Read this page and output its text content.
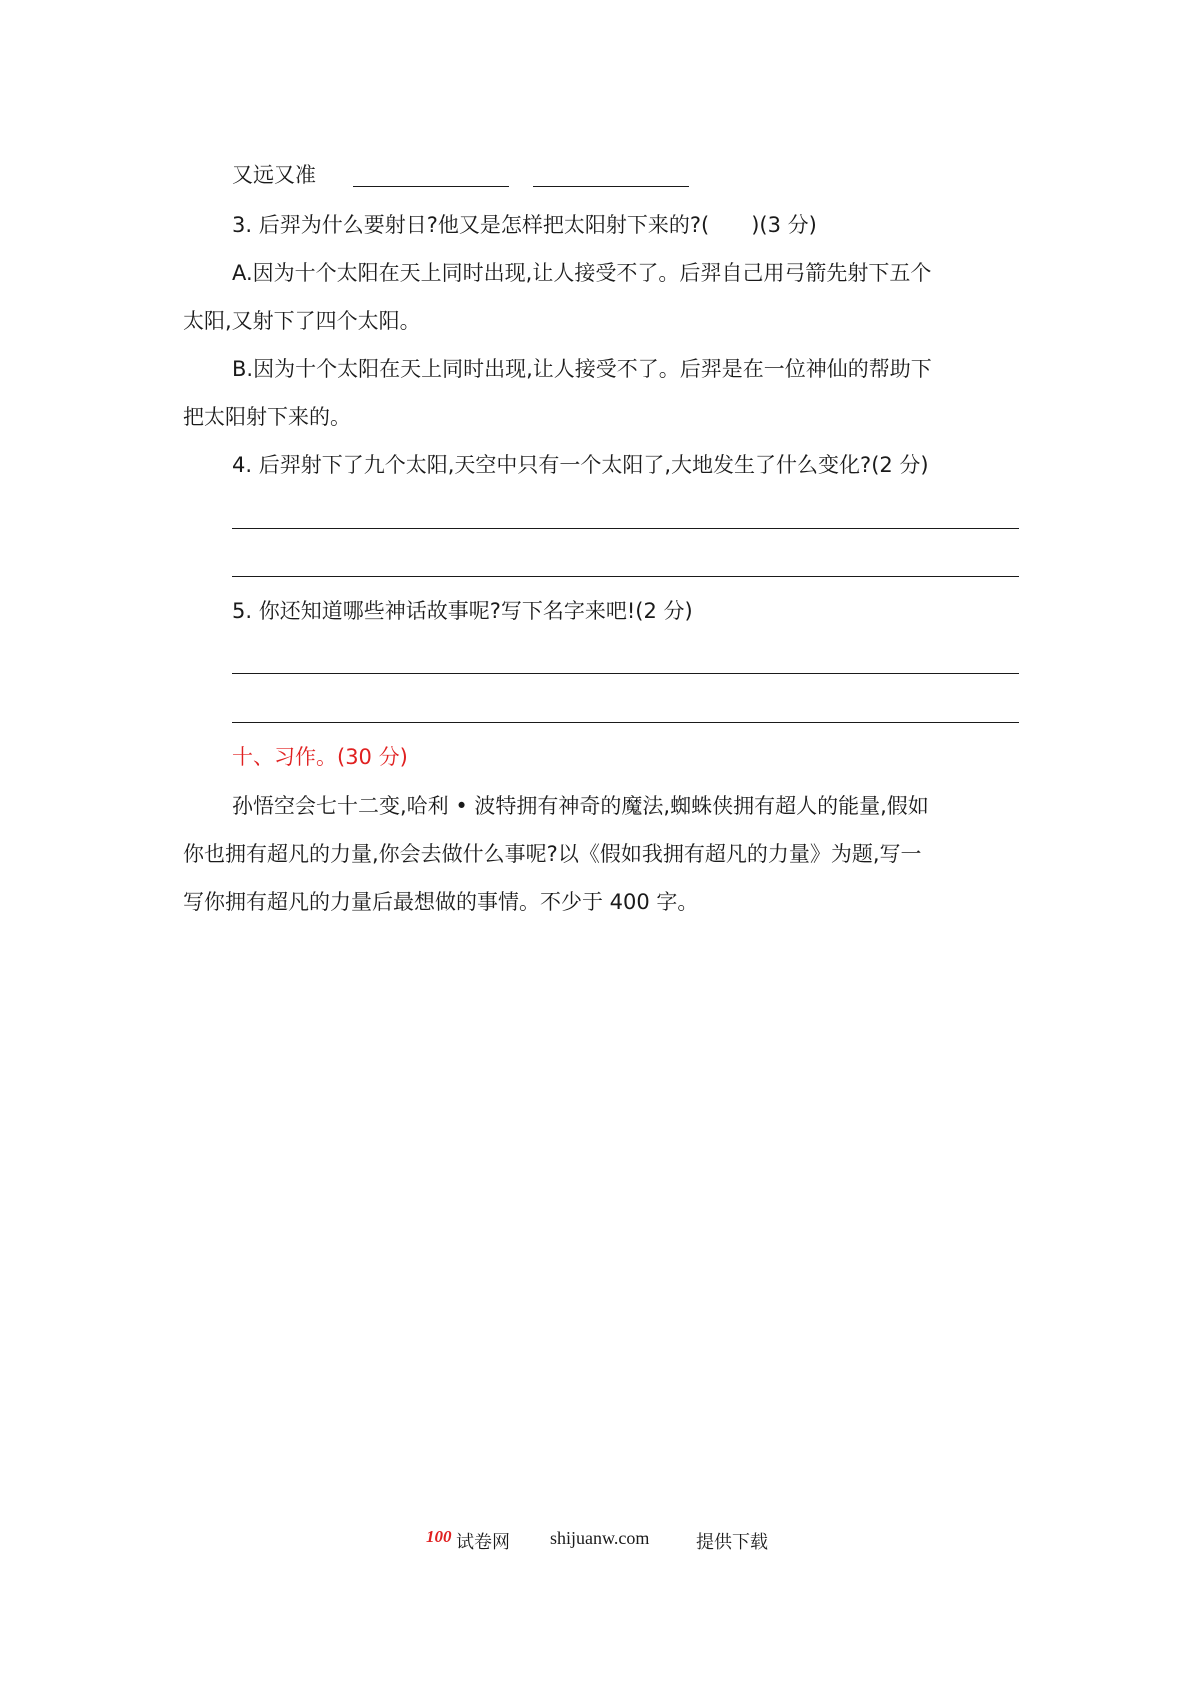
又远又准
3. 后羿为什么要射日?他又是怎样把太阳射下来的?(　　)(3 分)
A.因为十个太阳在天上同时出现,让人接受不了。后羿自己用弓箭先射下五个
太阳,又射下了四个太阳。
B.因为十个太阳在天上同时出现,让人接受不了。后羿是在一位神仙的帮助下
把太阳射下来的。
4. 后羿射下了九个太阳,天空中只有一个太阳了,大地发生了什么变化?(2 分)
5. 你还知道哪些神话故事呢?写下名字来吧!(2 分)
十、习作。(30 分)
孙悟空会七十二变,哈利 • 波特拥有神奇的魔法,蜘蛛侠拥有超人的能量,假如
你也拥有超凡的力量,你会去做什么事呢?以《假如我拥有超凡的力量》为题,写一
写你拥有超凡的力量后最想做的事情。不少于 400 字。
100 试卷网 shijuanw.com	提供下载
